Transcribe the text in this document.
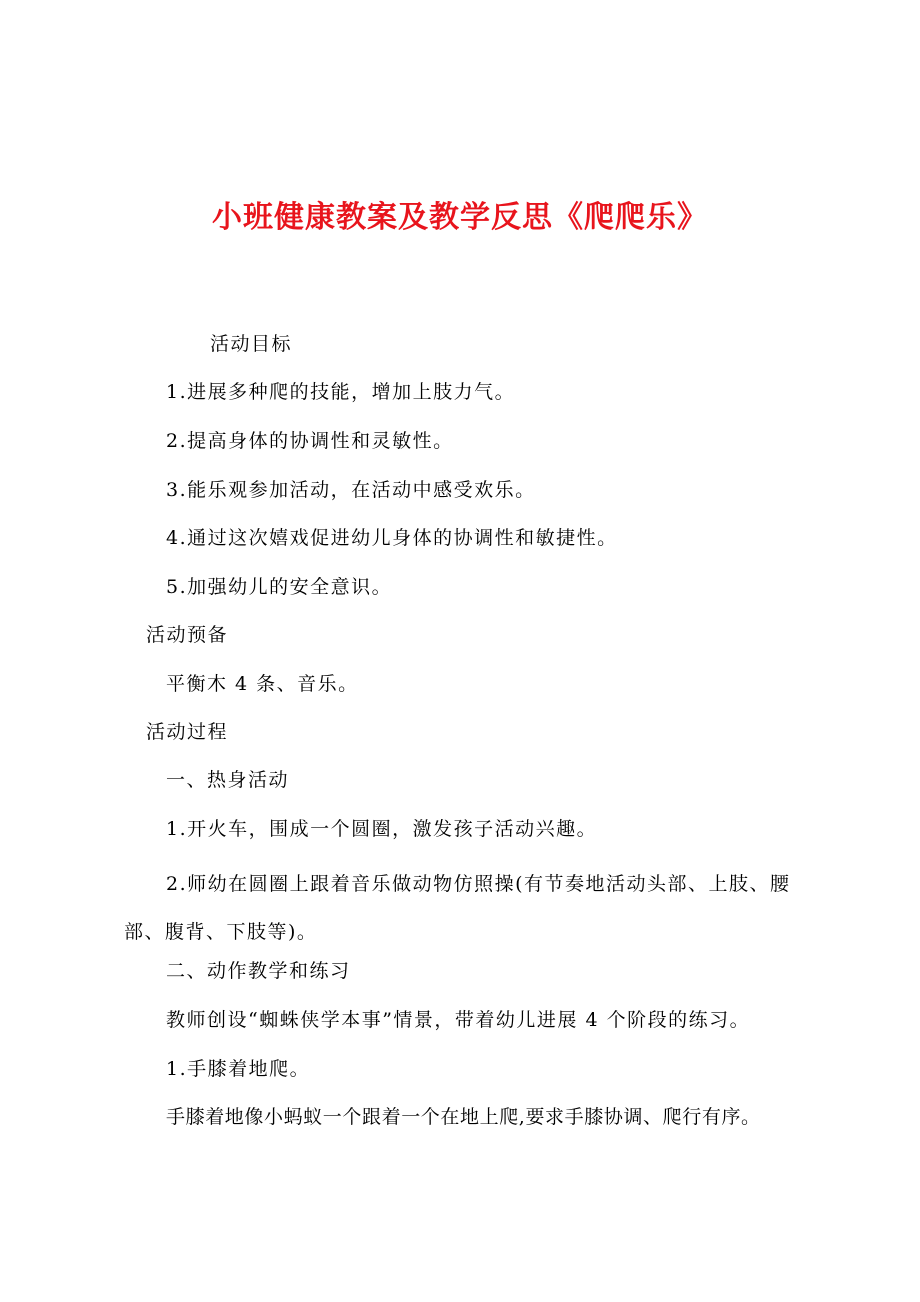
小班健康教案及教学反思《爬爬乐》
活动目标
1.进展多种爬的技能，增加上肢力气。
2.提高身体的协调性和灵敏性。
3.能乐观参加活动，在活动中感受欢乐。
4.通过这次嬉戏促进幼儿身体的协调性和敏捷性。
5.加强幼儿的安全意识。
活动预备
平衡木 4 条、音乐。
活动过程
一、热身活动
1.开火车，围成一个圆圈，激发孩子活动兴趣。
2.师幼在圆圈上跟着音乐做动物仿照操(有节奏地活动头部、上肢、腰部、腹背、下肢等)。
二、动作教学和练习
教师创设“蜘蛛侠学本事”情景，带着幼儿进展 4 个阶段的练习。
1.手膝着地爬。
手膝着地像小蚂蚁一个跟着一个在地上爬,要求手膝协调、爬行有序。
